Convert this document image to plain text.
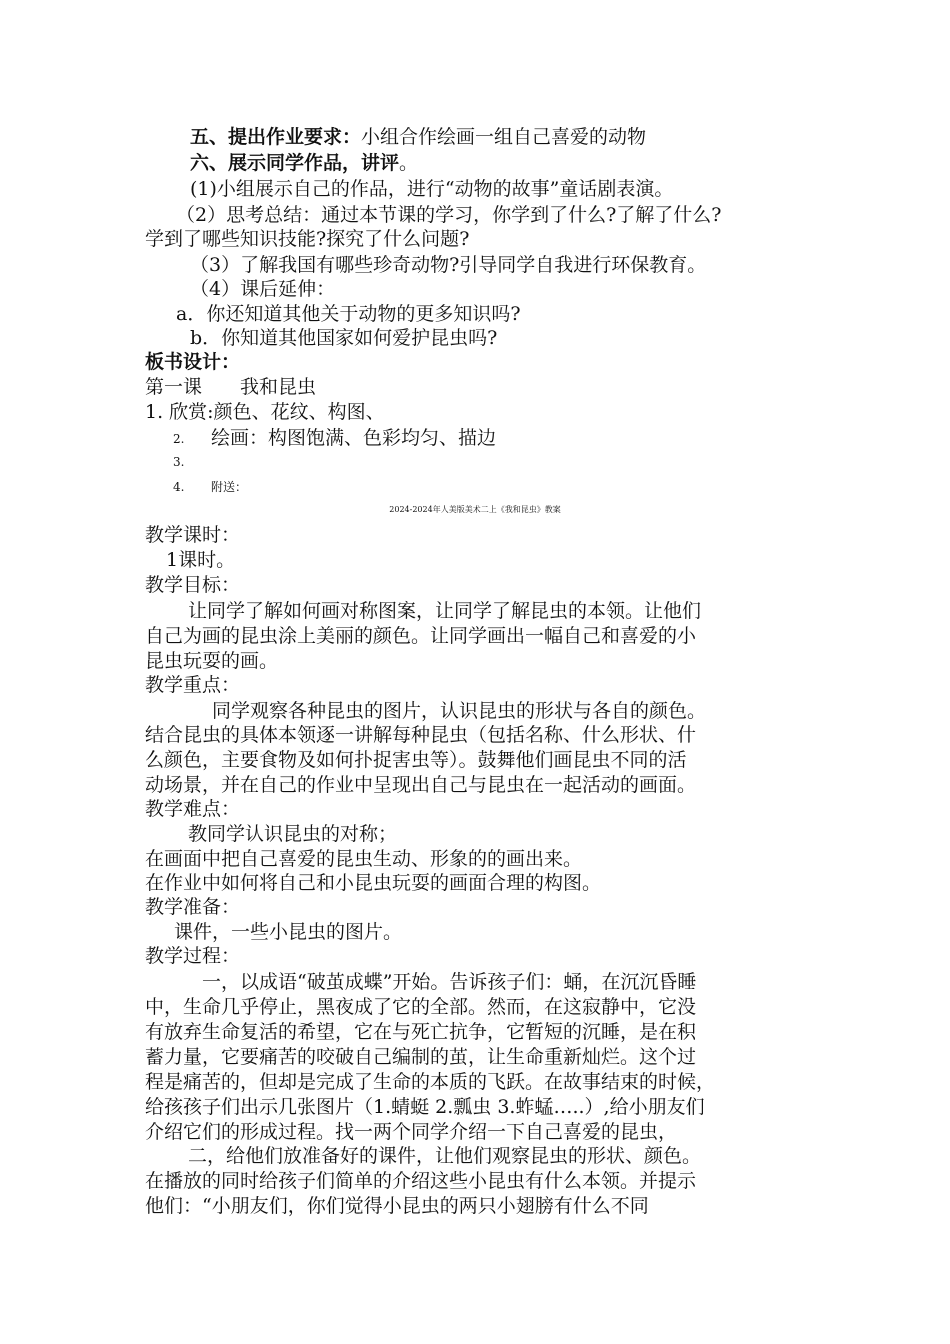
五、提出作业要求：小组合作绘画一组自己喜爱的动物
六、展示同学作品，讲评。
(1)小组展示自己的作品，进行“动物的故事”童话剧表演。
（2）思考总结：通过本节课的学习，你学到了什么?了解了什么?
学到了哪些知识技能?探究了什么问题?
（3）了解我国有哪些珍奇动物?引导同学自我进行环保教育。
（4）课后延伸：
a．你还知道其他关于动物的更多知识吗?
b．你知道其他国家如何爱护昆虫吗?
板书设计：
第一课　　我和昆虫
1. 欣赏:颜色、花纹、构图、
2. 绘画：构图饱满、色彩均匀、描边
3.
4. 附送：
2024-2024年人美版美术二上《我和昆虫》教案
教学课时：
1课时。
教学目标：
让同学了解如何画对称图案，让同学了解昆虫的本领。让他们
自己为画的昆虫涂上美丽的颜色。让同学画出一幅自己和喜爱的小
昆虫玩耍的画。
教学重点：
同学观察各种昆虫的图片，认识昆虫的形状与各自的颜色。
结合昆虫的具体本领逐一讲解每种昆虫（包括名称、什么形状、什
么颜色，主要食物及如何扑捉害虫等）。鼓舞他们画昆虫不同的活
动场景，并在自己的作业中呈现出自己与昆虫在一起活动的画面。
教学难点：
教同学认识昆虫的对称；
在画面中把自己喜爱的昆虫生动、形象的的画出来。
在作业中如何将自己和小昆虫玩耍的画面合理的构图。
教学准备：
课件，一些小昆虫的图片。
教学过程：
一，以成语“破茧成蝶”开始。告诉孩子们：蛹，在沉沉昏睡
中，生命几乎停止，黑夜成了它的全部。然而，在这寂静中，它没
有放弃生命复活的希望，它在与死亡抗争，它暂短的沉睡，是在积
蓄力量，它要痛苦的咬破自己编制的茧，让生命重新灿烂。这个过
程是痛苦的，但却是完成了生命的本质的飞跃。在故事结束的时候，
给孩孩子们出示几张图片（1.蜻蜓 2.瓢虫 3.蚱蜢…..）,给小朋友们
介绍它们的形成过程。找一两个同学介绍一下自己喜爱的昆虫，
二，给他们放准备好的课件，让他们观察昆虫的形状、颜色。
在播放的同时给孩子们简单的介绍这些小昆虫有什么本领。并提示
他们：“小朋友们，你们觉得小昆虫的两只小翅膀有什么不同
